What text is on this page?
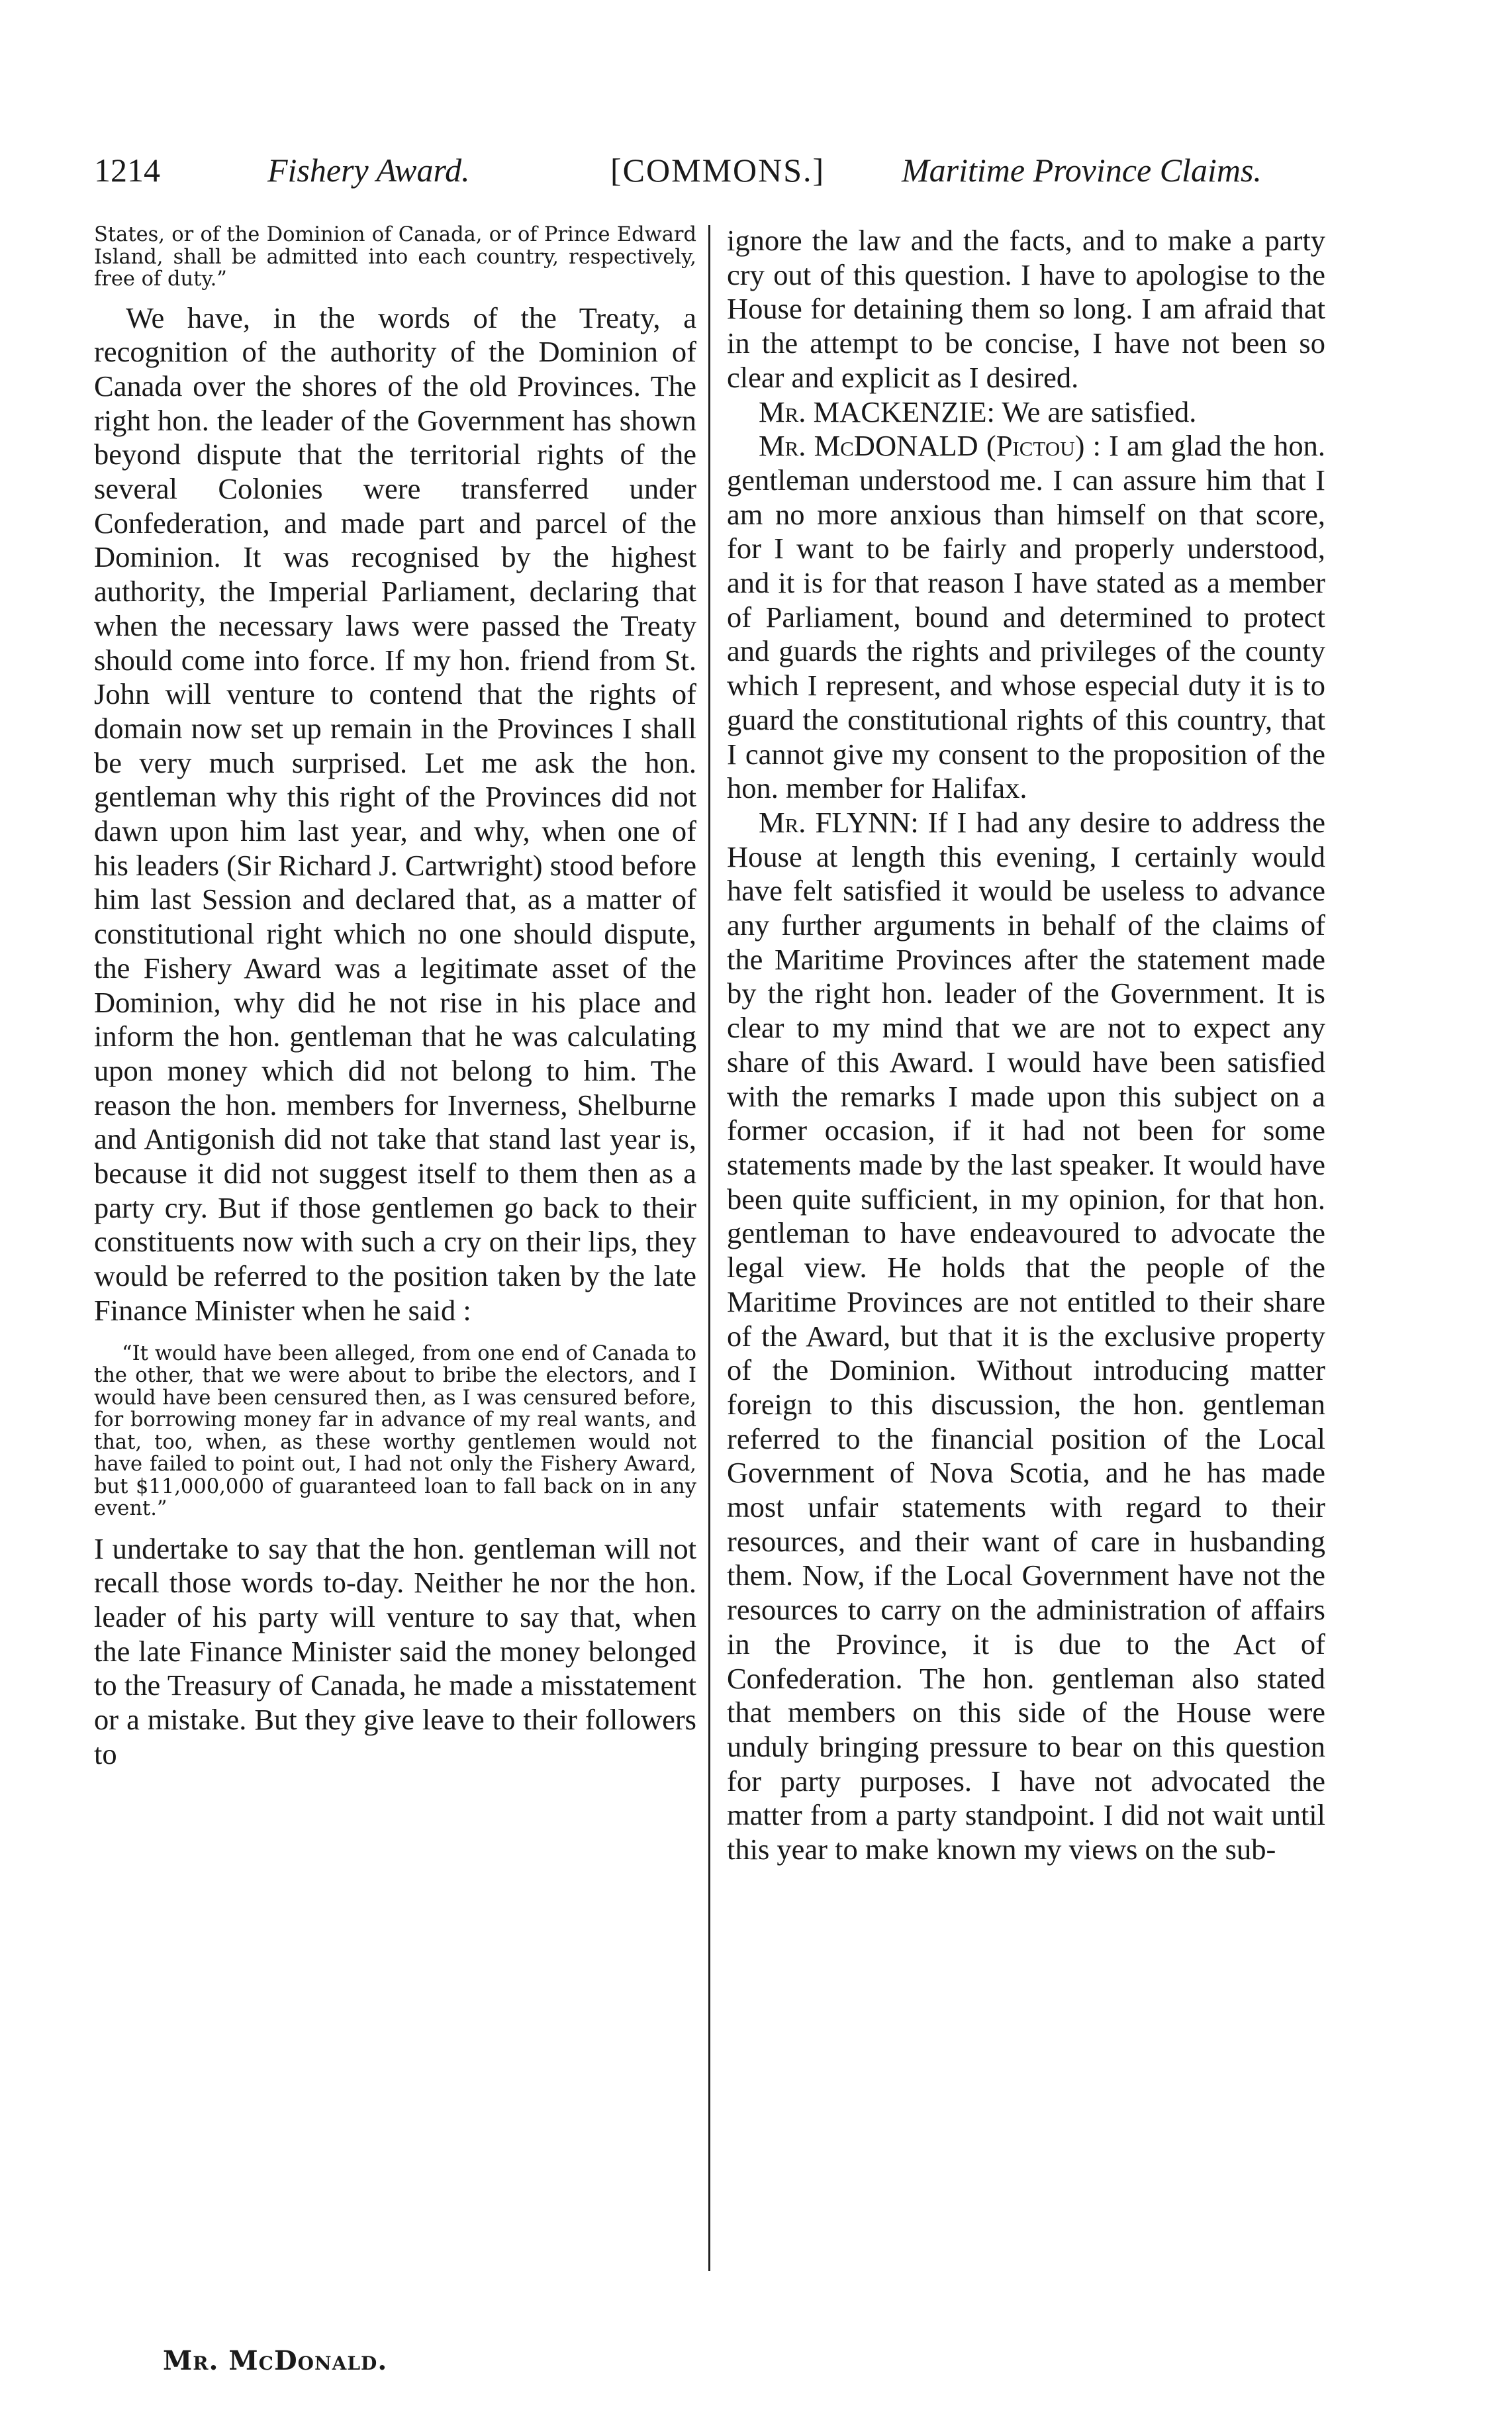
1214	Fishery Award.	[COMMONS.] Maritime Province Claims.

States, or of the Dominion of Canada, or of Prince Edward Island, shall be admitted into each country, respectively, free of duty.”

We have, in the words of the Treaty, a recognition of the authority of the Dominion of Canada over the shores of the old Provinces. The right hon. the leader of the Government has shown beyond dispute that the territorial rights of the several Colonies were transferred under Confederation, and made part and parcel of the Dominion. It was recognised by the highest authority, the Imperial Parliament, declaring that when the necessary laws were passed the Treaty should come into force. If my hon. friend from St. John will venture to contend that the rights of domain now set up remain in the Provinces I shall be very much surprised. Let me ask the hon. gentleman why this right of the Provinces did not dawn upon him last year, and why, when one of his leaders (Sir Richard J. Cartwright) stood before him last Session and declared that, as a matter of constitutional right which no one should dispute, the Fishery Award was a legitimate asset of the Dominion, why did he not rise in his place and inform the hon. gentleman that he was calculating upon money which did not belong to him. The reason the hon. members for Inverness, Shelburne and Antigonish did not take that stand last year is, because it did not suggest itself to them then as a party cry. But if those gentlemen go back to their constituents now with such a cry on their lips, they would be referred to the position taken by the late Finance Minister when he said :

“It would have been alleged, from one end of Canada to the other, that we were about to bribe the electors, and I would have been censured then, as I was censured before, for borrowing money far in advance of my real wants, and that, too, when, as these worthy gentlemen would not have failed to point out, I had not only the Fishery Award, but $11,000,000 of guaranteed loan to fall back on in any event.”

I undertake to say that the hon. gentleman will not recall those words to-day. Neither he nor the hon. leader of his party will venture to say that, when the late Finance Minister said the money belonged to the Treasury of Canada, he made a misstatement or a mistake. But they give leave to their followers to

ignore the law and the facts, and to make a party cry out of this question. I have to apologise to the House for detaining them so long. I am afraid that in the attempt to be concise, I have not been so clear and explicit as I desired.

Mr. MACKENZIE: We are satisfied.

Mr. McDONALD (Pictou) : I am glad the hon. gentleman understood me. I can assure him that I am no more anxious than himself on that score, for I want to be fairly and properly understood, and it is for that reason I have stated as a member of Parliament, bound and determined to protect and guards the rights and privileges of the county which I represent, and whose especial duty it is to guard the constitutional rights of this country, that I cannot give my consent to the proposition of the hon. member for Halifax.

Mr. FLYNN: If I had any desire to address the House at length this evening, I certainly would have felt satisfied it would be useless to advance any further arguments in behalf of the claims of the Maritime Provinces after the statement made by the right hon. leader of the Government. It is clear to my mind that we are not to expect any share of this Award. I would have been satisfied with the remarks I made upon this subject on a former occasion, if it had not been for some statements made by the last speaker. It would have been quite sufficient, in my opinion, for that hon. gentleman to have endeavoured to advocate the legal view. He holds that the people of the Maritime Provinces are not entitled to their share of the Award, but that it is the exclusive property of the Dominion. Without introducing matter foreign to this discussion, the hon. gentleman referred to the financial position of the Local Government of Nova Scotia, and he has made most unfair statements with regard to their resources, and their want of care in husbanding them. Now, if the Local Government have not the resources to carry on the administration of affairs in the Province, it is due to the Act of Confederation. The hon. gentleman also stated that members on this side of the House were unduly bringing pressure to bear on this question for party purposes. I have not advocated the matter from a party standpoint. I did not wait until this year to make known my views on the sub-

Mr. McDonald.
